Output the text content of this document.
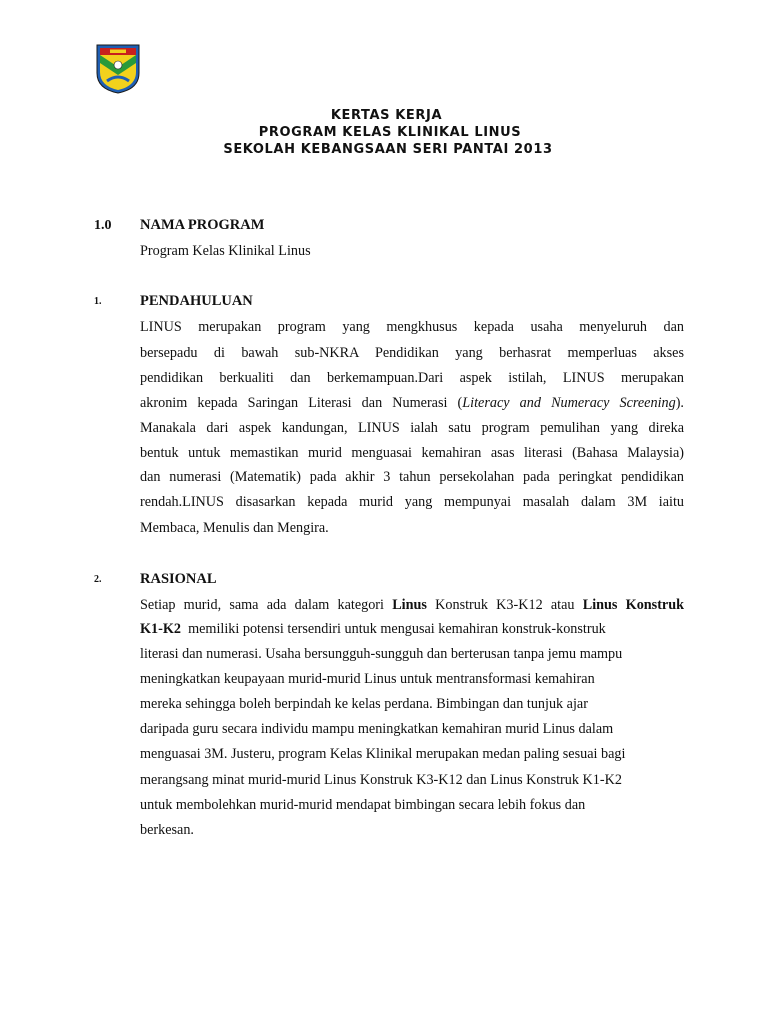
KERTAS KERJA
PROGRAM KELAS KLINIKAL LINUS
SEKOLAH KEBANGSAAN SERI PANTAI 2013
1.0 NAMA PROGRAM
Program Kelas Klinikal Linus
1.	PENDAHULUAN
LINUS merupakan program yang mengkhusus kepada usaha menyeluruh dan
bersepadu di bawah sub-NKRA Pendidikan yang berhasrat memperluas akses
pendidikan berkualiti dan berkemampuan.Dari aspek istilah, LINUS merupakan
akronim kepada Saringan Literasi dan Numerasi (Literacy and Numeracy Screening).
Manakala dari aspek kandungan, LINUS ialah satu program pemulihan yang direka
bentuk untuk memastikan murid menguasai kemahiran asas literasi (Bahasa Malaysia)
dan numerasi (Matematik) pada akhir 3 tahun persekolahan pada peringkat pendidikan
rendah.LINUS disasarkan kepada murid yang mempunyai masalah dalam 3M iaitu
Membaca, Menulis dan Mengira.
2.	RASIONAL
Setiap murid, sama ada dalam kategori Linus Konstruk K3-K12 atau Linus Konstruk
K1-K2  memiliki potensi tersendiri untuk mengusai kemahiran konstruk-konstruk
literasi dan numerasi. Usaha bersungguh-sungguh dan berterusan tanpa jemu mampu
meningkatkan keupayaan murid-murid Linus untuk mentransformasi kemahiran
mereka sehingga boleh berpindah ke kelas perdana. Bimbingan dan tunjuk ajar
daripada guru secara individu mampu meningkatkan kemahiran murid Linus dalam
menguasai 3M. Justeru, program Kelas Klinikal merupakan medan paling sesuai bagi
merangsang minat murid-murid Linus Konstruk K3-K12 dan Linus Konstruk K1-K2
untuk membolehkan murid-murid mendapat bimbingan secara lebih fokus dan
berkesan.
